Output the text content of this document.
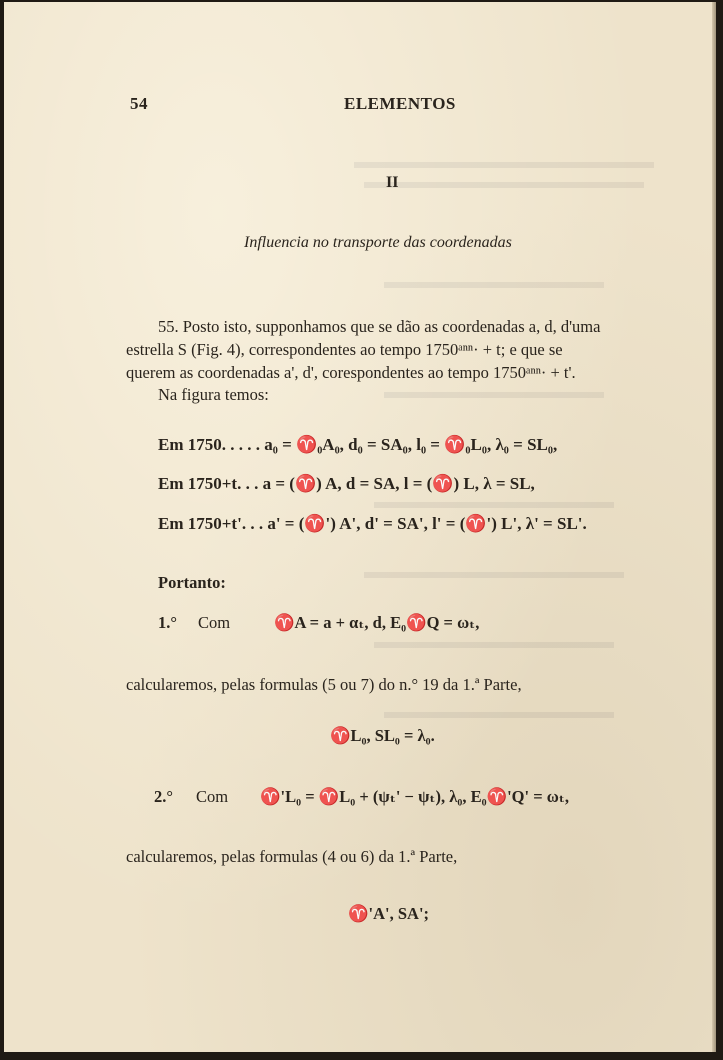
54	ELEMENTOS
II
Influencia no transporte das coordenadas
55. Posto isto, supponhamos que se dão as coordenadas a, d, d'uma
estrella S (Fig. 4), correspondentes ao tempo 1750ᵃⁿⁿ· + t; e que se
querem as coordenadas a', d', corespondentes ao tempo 1750ᵃⁿⁿ· + t'.
Na figura temos:
Em 1750. . . . . a₀ = ♈₀A₀, d₀ = SA₀, l₀ = ♈₀L₀, λ₀ = SL₀,
Em 1750+t. . . a = (♈) A, d = SA, l = (♈) L, λ = SL,
Em 1750+t'. . . a' = (♈') A', d' = SA', l' = (♈') L', λ' = SL'.
Portanto:
1.° Com	♈A = a + αₜ, d, E₀♈Q = ωₜ,
calcularemos, pelas formulas (5 ou 7) do n.° 19 da 1.ª Parte,
♈L₀, SL₀ = λ₀.
2.° Com ♈'L₀ = ♈L₀ + (ψₜ' − ψₜ), λ₀, E₀♈'Q' = ωₜ,
calcularemos, pelas formulas (4 ou 6) da 1.ª Parte,
♈'A', SA';
